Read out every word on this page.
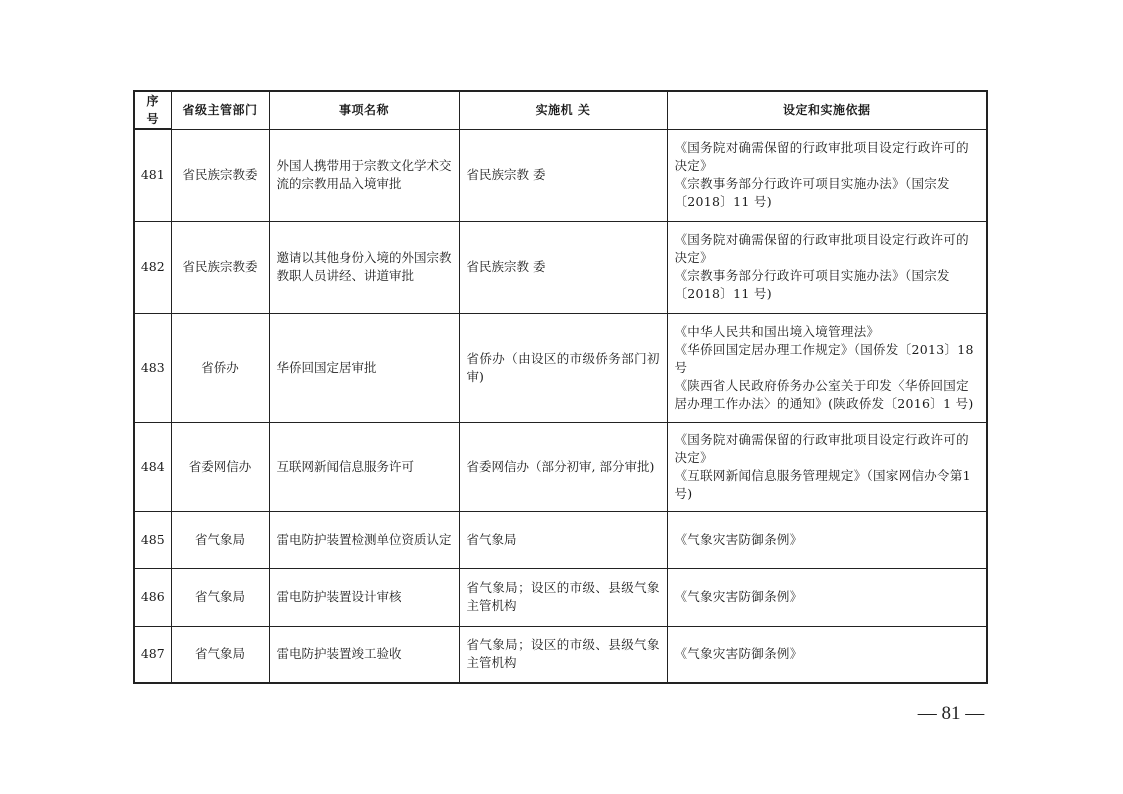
序号	省级主管部门	事项名称	实施机 关	设定和实施依据
481	省民族宗教委	外国人携带用于宗教文化学术交流的宗教用品入境审批	省民族宗教 委	《国务院对确需保留的行政审批项目设定行政许可的决定》
《宗教事务部分行政许可项目实施办法》（国宗发〔2018〕11 号)

482	省民族宗教委	邀请以其他身份入境的外国宗教教职人员讲经、讲道审批	省民族宗教 委	《国务院对确需保留的行政审批项目设定行政许可的决定》
《宗教事务部分行政许可项目实施办法》（国宗发〔2018〕11 号)

483	省侨办	华侨回国定居审批	省侨办（由设区的市级侨务部门初审)	《中华人民共和国出境入境管理法》
《华侨回国定居办理工作规定》（国侨发〔2013〕18 号
《陕西省人民政府侨务办公室关于印发〈华侨回国定居办理工作办法〉的通知》(陕政侨发〔2016〕1 号)

484	省委网信办	互联网新闻信息服务许可	省委网信办（部分初审, 部分审批)	《国务院对确需保留的行政审批项目设定行政许可的决定》
《互联网新闻信息服务管理规定》（国家网信办令第1 号)

485	省气象局	雷电防护装置检测单位资质认定	省气象局	《气象灾害防御条例》

486	省气象局	雷电防护装置设计审核	省气象局；设区的市级、县级气象主管机构	《气象灾害防御条例》

487	省气象局	雷电防护装置竣工验收	省气象局；设区的市级、县级气象主管机构	《气象灾害防御条例》
— 81 —
